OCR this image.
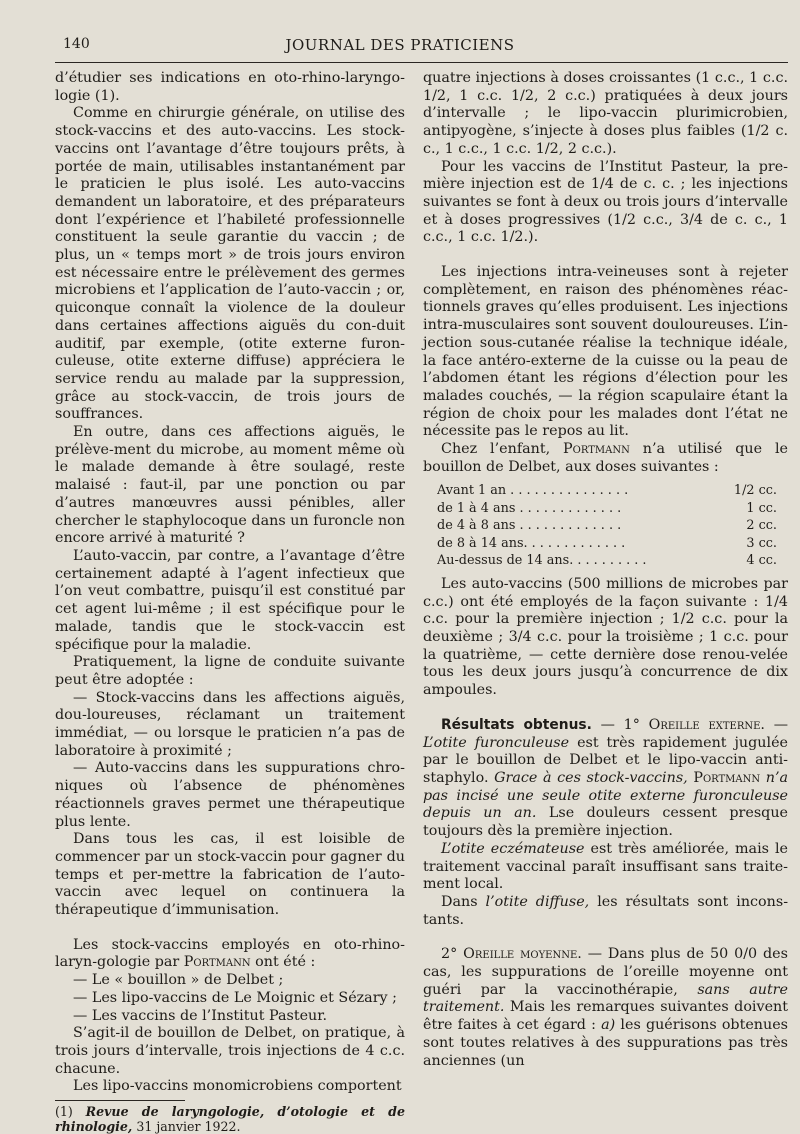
140	JOURNAL DES PRATICIENS

d’étudier ses indications en oto-rhino-laryngo-logie (1).

Comme en chirurgie générale, on utilise des stock-vaccins et des auto-vaccins. Les stock-vaccins ont l’avantage d’être toujours prêts, à portée de main, utilisables instantanément par le praticien le plus isolé. Les auto-vaccins demandent un laboratoire, et des préparateurs dont l’expérience et l’habileté professionnelle constituent la seule garantie du vaccin ; de plus, un « temps mort » de trois jours environ est nécessaire entre le prélèvement des germes microbiens et l’application de l’auto-vaccin ; or, quiconque connaît la violence de la douleur dans certaines affections aiguës du con-duit auditif, par exemple, (otite externe furon-culeuse, otite externe diffuse) appréciera le service rendu au malade par la suppression, grâce au stock-vaccin, de trois jours de souffrances.

En outre, dans ces affections aiguës, le prélève-ment du microbe, au moment même où le malade demande à être soulagé, reste malaisé : faut-il, par une ponction ou par d’autres manœuvres aussi pénibles, aller chercher le staphylocoque dans un furoncle non encore arrivé à maturité ?

L’auto-vaccin, par contre, a l’avantage d’être certainement adapté à l’agent infectieux que l’on veut combattre, puisqu’il est constitué par cet agent lui-même ; il est spécifique pour le malade, tandis que le stock-vaccin est spécifique pour la maladie.

Pratiquement, la ligne de conduite suivante peut être adoptée :

— Stock-vaccins dans les affections aiguës, dou-loureuses, réclamant un traitement immédiat, — ou lorsque le praticien n’a pas de laboratoire à proximité ;

— Auto-vaccins dans les suppurations chro-niques où l’absence de phénomènes réactionnels graves permet une thérapeutique plus lente.

Dans tous les cas, il est loisible de commencer par un stock-vaccin pour gagner du temps et per-mettre la fabrication de l’auto-vaccin avec lequel on continuera la thérapeutique d’immunisation.

Les stock-vaccins employés en oto-rhino-laryn-gologie par Portmann ont été :

— Le « bouillon » de Delbet ;

— Les lipo-vaccins de Le Moignic et Sézary ;

— Les vaccins de l’Institut Pasteur.

S’agit-il de bouillon de Delbet, on pratique, à trois jours d’intervalle, trois injections de 4 c.c. chacune.

Les lipo-vaccins monomicrobiens comportent

(1) Revue de laryngologie, d’otologie et de rhinologie, 31 janvier 1922.

quatre injections à doses croissantes (1 c.c., 1 c.c. 1/2, 1 c.c. 1/2, 2 c.c.) pratiquées à deux jours d’intervalle ; le lipo-vaccin plurimicrobien, antipyogène, s’injecte à doses plus faibles (1/2 c. c., 1 c.c., 1 c.c. 1/2, 2 c.c.).

Pour les vaccins de l’Institut Pasteur, la pre-mière injection est de 1/4 de c. c. ; les injections suivantes se font à deux ou trois jours d’intervalle et à doses progressives (1/2 c.c., 3/4 de c. c., 1 c.c., 1 c.c. 1/2.).

Les injections intra-veineuses sont à rejeter complètement, en raison des phénomènes réac-tionnels graves qu’elles produisent. Les injections intra-musculaires sont souvent douloureuses. L’in-jection sous-cutanée réalise la technique idéale, la face antéro-externe de la cuisse ou la peau de l’abdomen étant les régions d’élection pour les malades couchés, — la région scapulaire étant la région de choix pour les malades dont l’état ne nécessite pas le repos au lit.

Chez l’enfant, Portmann n’a utilisé que le bouillon de Delbet, aux doses suivantes :

Avant 1 an . . . . . . . . . . . . . . .	1/2 cc.
de 1 à 4 ans . . . . . . . . . . . . .	1 cc.
de 4 à 8 ans . . . . . . . . . . . . .	2 cc.
de 8 à 14 ans. . . . . . . . . . . . .	3 cc.
Au-dessus de 14 ans. . . . . . . . . .	4 cc.

Les auto-vaccins (500 millions de microbes par c.c.) ont été employés de la façon suivante : 1/4 c.c. pour la première injection ; 1/2 c.c. pour la deuxième ; 3/4 c.c. pour la troisième ; 1 c.c. pour la quatrième, — cette dernière dose renou-velée tous les deux jours jusqu’à concurrence de dix ampoules.

Résultats obtenus. — 1° Oreille externe. — L’otite furonculeuse est très rapidement jugulée par le bouillon de Delbet et le lipo-vaccin anti-staphylo. Grace à ces stock-vaccins, Portmann n’a pas incisé une seule otite externe furonculeuse depuis un an. Lse douleurs cessent presque toujours dès la première injection.

L’otite eczémateuse est très améliorée, mais le traitement vaccinal paraît insuffisant sans traite-ment local.

Dans l’otite diffuse, les résultats sont incons-tants.

2° Oreille moyenne. — Dans plus de 50 0/0 des cas, les suppurations de l’oreille moyenne ont guéri par la vaccinothérapie, sans autre traitement. Mais les remarques suivantes doivent être faites à cet égard : a) les guérisons obtenues sont toutes relatives à des suppurations pas très anciennes (un
